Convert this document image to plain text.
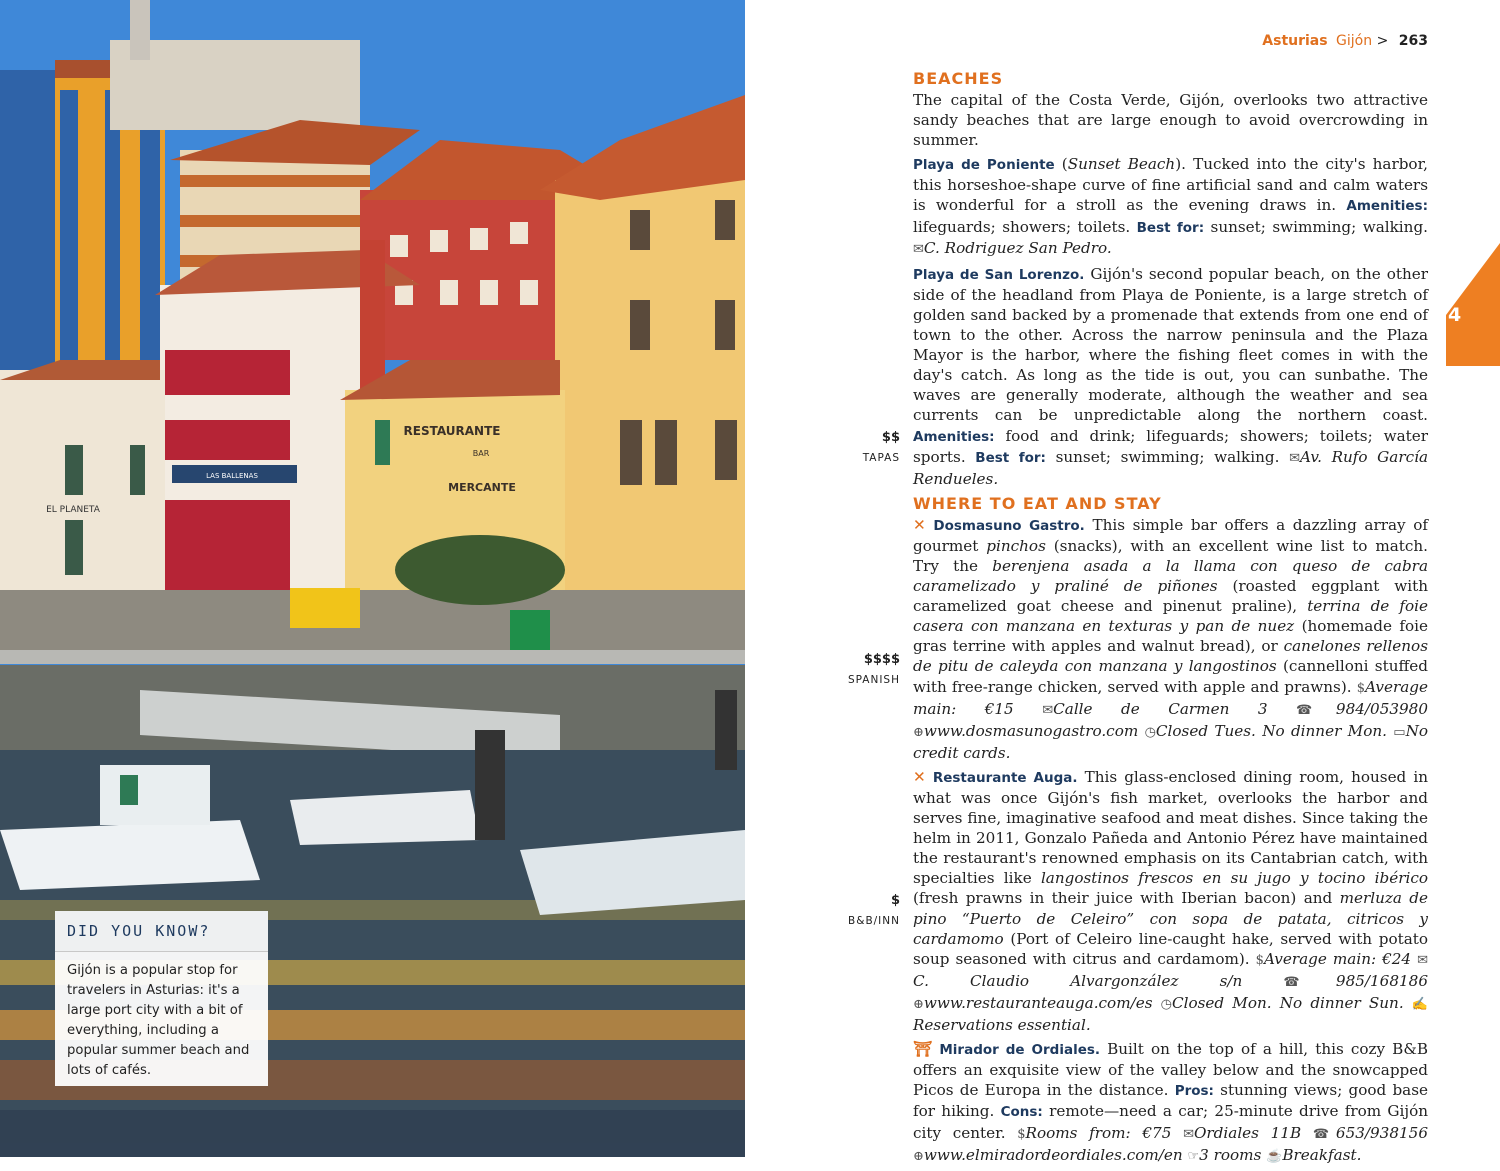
RESTAURANTE
BAR
MERCANTE
EL PLANETA
LAS BALLENAS
DID YOU KNOW?
Gijón is a popular stop for travelers in Asturias: it's a large port city with a bit of everything, including a popular summer beach and lots of cafés.
Asturias Gijón > 263
4
$$
TAPAS
$$$$
SPANISH
$
B&B/INN
BEACHES

The capital of the Costa Verde, Gijón, overlooks two attractive sandy beaches that are large enough to avoid overcrowding in summer.

Playa de Poniente (Sunset Beach). Tucked into the city's harbor, this horseshoe-shape curve of fine artificial sand and calm waters is wonderful for a stroll as the evening draws in. Amenities: lifeguards; showers; toilets. Best for: sunset; swimming; walking. ✉C. Rodriguez San Pedro.

Playa de San Lorenzo. Gijón's second popular beach, on the other side of the headland from Playa de Poniente, is a large stretch of golden sand backed by a promenade that extends from one end of town to the other. Across the narrow peninsula and the Plaza Mayor is the harbor, where the fishing fleet comes in with the day's catch. As long as the tide is out, you can sunbathe. The waves are generally moderate, although the weather and sea currents can be unpredictable along the northern coast. Amenities: food and drink; lifeguards; showers; toilets; water sports. Best for: sunset; swimming; walking. ✉Av. Rufo García Rendueles.

WHERE TO EAT AND STAY

✕ Dosmasuno Gastro. This simple bar offers a dazzling array of gourmet pinchos (snacks), with an excellent wine list to match. Try the berenjena asada a la llama con queso de cabra caramelizado y praliné de piñones (roasted eggplant with caramelized goat cheese and pinenut praline), terrina de foie casera con manzana en texturas y pan de nuez (homemade foie gras terrine with apples and walnut bread), or canelones rellenos de pitu de caleyda con manzana y langostinos (cannelloni stuffed with free-range chicken, served with apple and prawns). $Average main: €15 ✉Calle de Carmen 3 ☎984/053980 ⊕www.dosmasunogastro.com ◷Closed Tues. No dinner Mon. ▭No credit cards.

✕ Restaurante Auga. This glass-enclosed dining room, housed in what was once Gijón's fish market, overlooks the harbor and serves fine, imaginative seafood and meat dishes. Since taking the helm in 2011, Gonzalo Pañeda and Antonio Pérez have maintained the restaurant's renowned emphasis on its Cantabrian catch, with specialties like langostinos frescos en su jugo y tocino ibérico (fresh prawns in their juice with Iberian bacon) and merluza de pino “Puerto de Celeiro” con sopa de patata, citricos y cardamomo (Port of Celeiro line-caught hake, served with potato soup seasoned with citrus and cardamom). $Average main: €24 ✉C. Claudio Alvargonzález s/n	☎985/168186 ⊕www.restauranteauga.com/es ◷Closed Mon. No dinner Sun. ✍Reservations essential.

⛩ Mirador de Ordiales. Built on the top of a hill, this cozy B&B offers an exquisite view of the valley below and the snowcapped Picos de Europa in the distance. Pros: stunning views; good base for hiking. Cons: remote—need a car; 25-minute drive from Gijón city center. $Rooms from: €75 ✉Ordiales 11B ☎653/938156 ⊕www.elmiradordeordiales.com/en ☞3 rooms ☕Breakfast.
